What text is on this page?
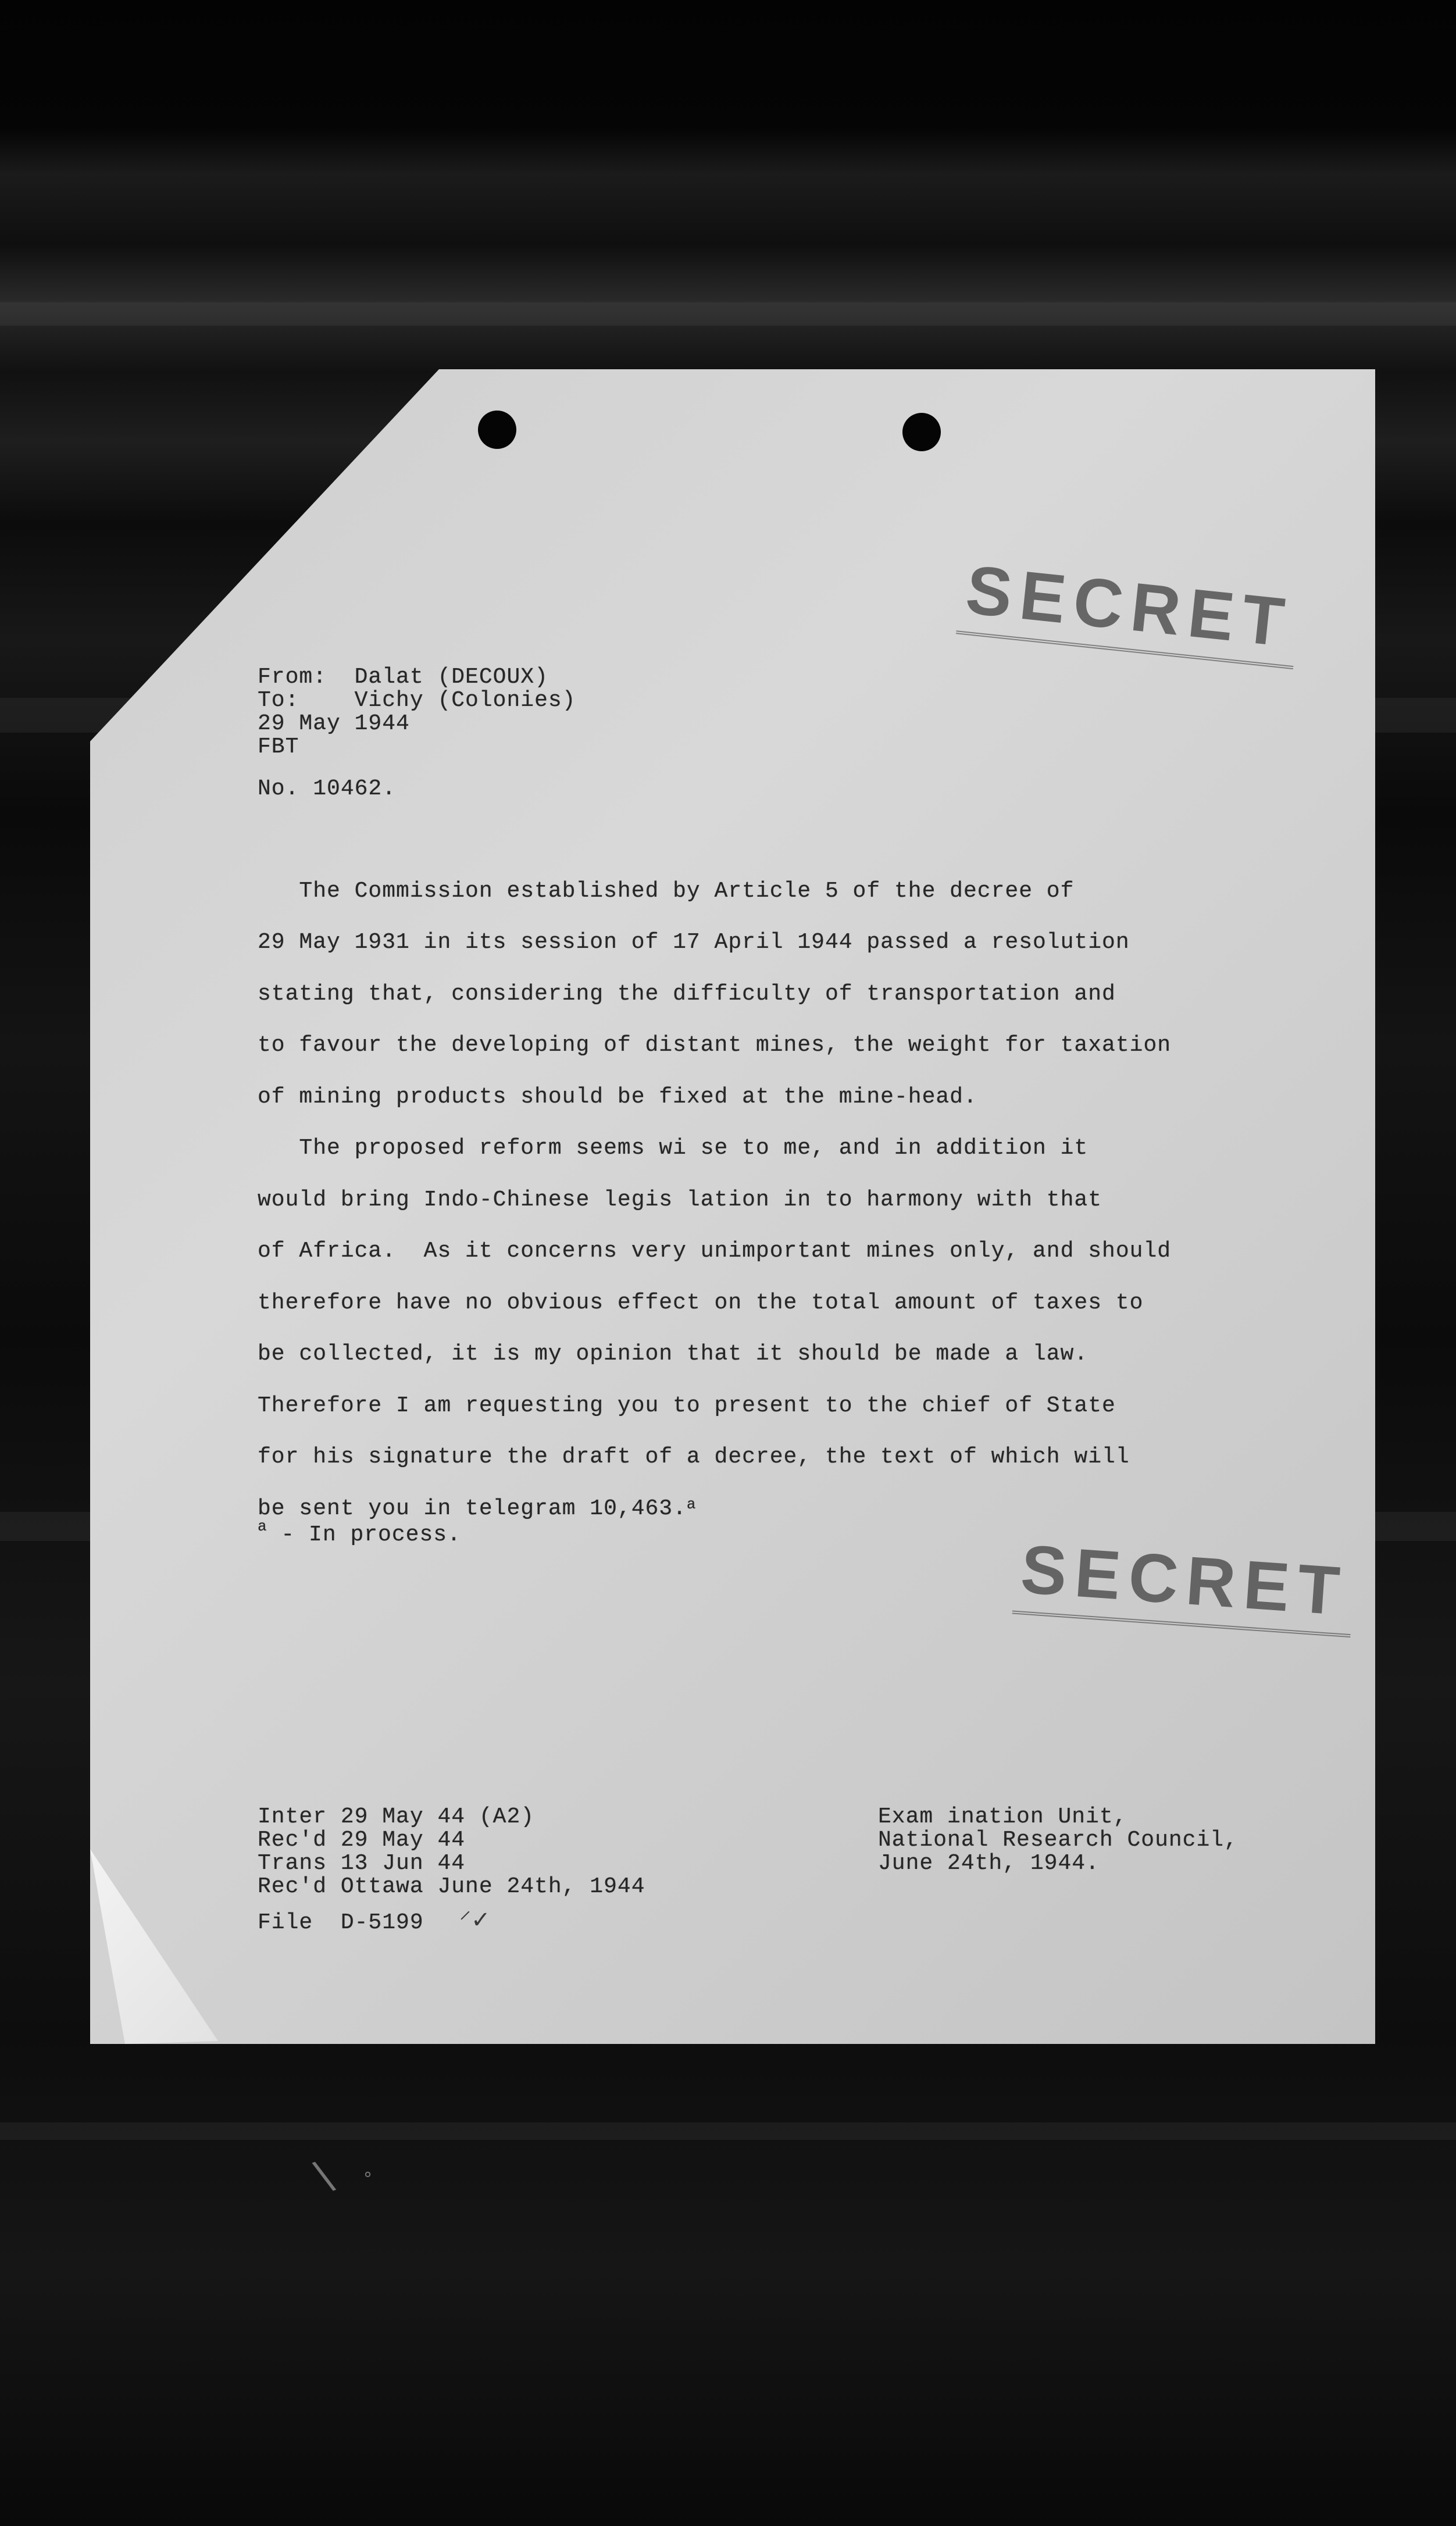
SECRET
SECRET

From:  Dalat (DECOUX)
To:    Vichy (Colonies)
29 May 1944
FBT
No. 10462.

The Commission established by Article 5 of the decree of
29 May 1931 in its session of 17 April 1944 passed a resolution
stating that, considering the difficulty of transportation and
to favour the developing of distant mines, the weight for taxation
of mining products should be fixed at the mine-head.
The proposed reform seems wi se to me, and in addition it
would bring Indo-Chinese legis lation in to harmony with that
of Africa.  As it concerns very unimportant mines only, and should
therefore have no obvious effect on the total amount of taxes to
be collected, it is my opinion that it should be made a law.
Therefore I am requesting you to present to the chief of State
for his signature the draft of a decree, the text of which will
be sent you in telegram 10,463.$^a$
$^a$ - In process.

Inter 29 May 44 (A2)
Rec'd 29 May 44
Trans 13 Jun 44
Rec'd Ottawa June 24th, 1944

Exam ination Unit,
National Research Council,
June 24th, 1944.
File  D-5199 ⸍✓
\ °
